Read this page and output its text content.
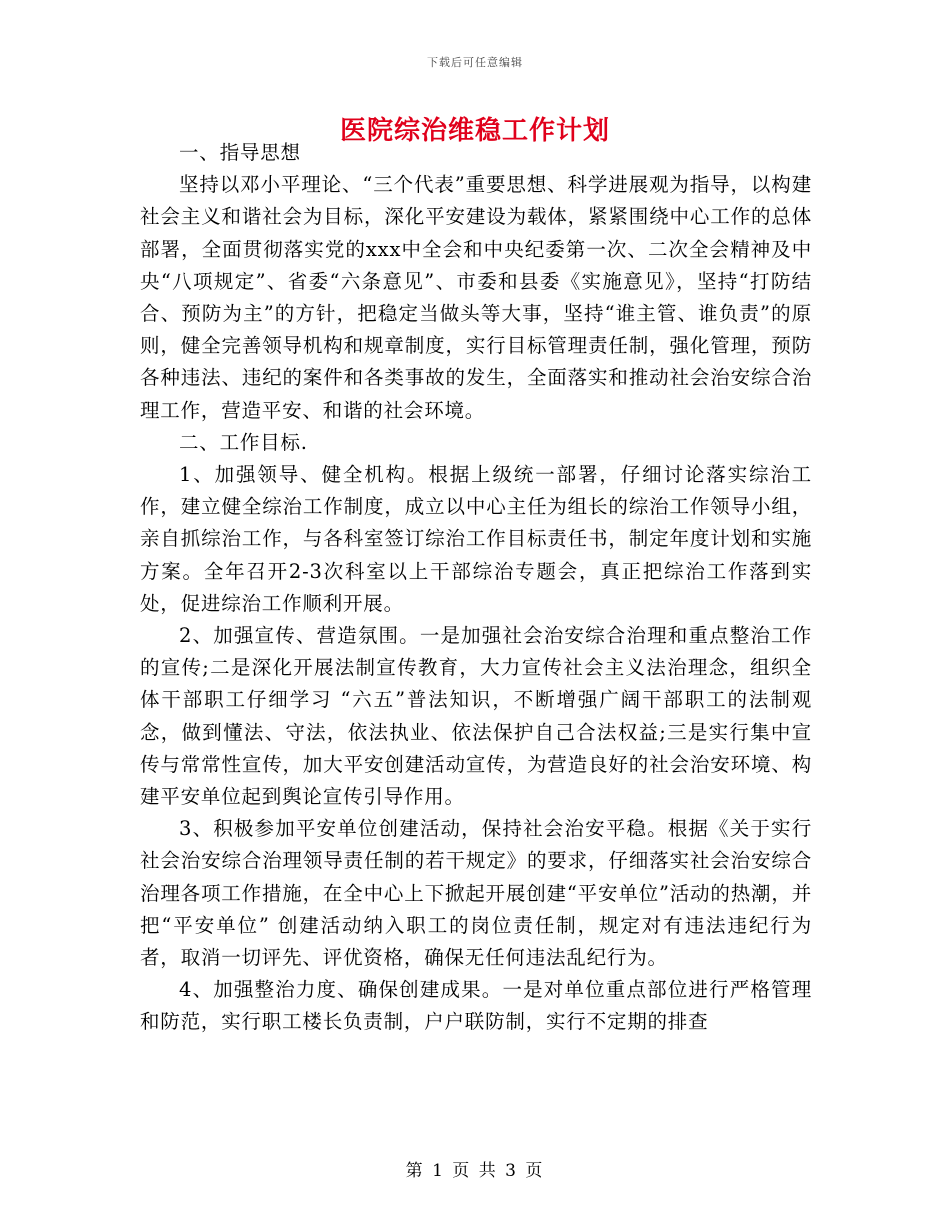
下载后可任意编辑
医院综治维稳工作计划

一、指导思想

坚持以邓小平理论、“三个代表”重要思想、科学进展观为指导，以构建社会主义和谐社会为目标，深化平安建设为载体，紧紧围绕中心工作的总体部署，全面贯彻落实党的xxx中全会和中央纪委第一次、二次全会精神及中央“八项规定”、省委“六条意见”、市委和县委《实施意见》，坚持“打防结合、预防为主”的方针，把稳定当做头等大事，坚持“谁主管、谁负责”的原则，健全完善领导机构和规章制度，实行目标管理责任制，强化管理，预防各种违法、违纪的案件和各类事故的发生，全面落实和推动社会治安综合治理工作，营造平安、和谐的社会环境。

二、工作目标.

1、加强领导、健全机构。根据上级统一部署，仔细讨论落实综治工作，建立健全综治工作制度，成立以中心主任为组长的综治工作领导小组，亲自抓综治工作，与各科室签订综治工作目标责任书，制定年度计划和实施方案。全年召开2-3次科室以上干部综治专题会，真正把综治工作落到实处，促进综治工作顺利开展。

2、加强宣传、营造氛围。一是加强社会治安综合治理和重点整治工作的宣传;二是深化开展法制宣传教育，大力宣传社会主义法治理念，组织全体干部职工仔细学习 “六五”普法知识，不断增强广阔干部职工的法制观念，做到懂法、守法，依法执业、依法保护自己合法权益;三是实行集中宣传与常常性宣传，加大平安创建活动宣传，为营造良好的社会治安环境、构建平安单位起到舆论宣传引导作用。

3、积极参加平安单位创建活动，保持社会治安平稳。根据《关于实行社会治安综合治理领导责任制的若干规定》的要求，仔细落实社会治安综合治理各项工作措施，在全中心上下掀起开展创建“平安单位”活动的热潮，并把“平安单位” 创建活动纳入职工的岗位责任制，规定对有违法违纪行为者，取消一切评先、评优资格，确保无任何违法乱纪行为。

4、加强整治力度、确保创建成果。一是对单位重点部位进行严格管理和防范，实行职工楼长负责制，户户联防制，实行不定期的排查

第 1 页 共 3 页
